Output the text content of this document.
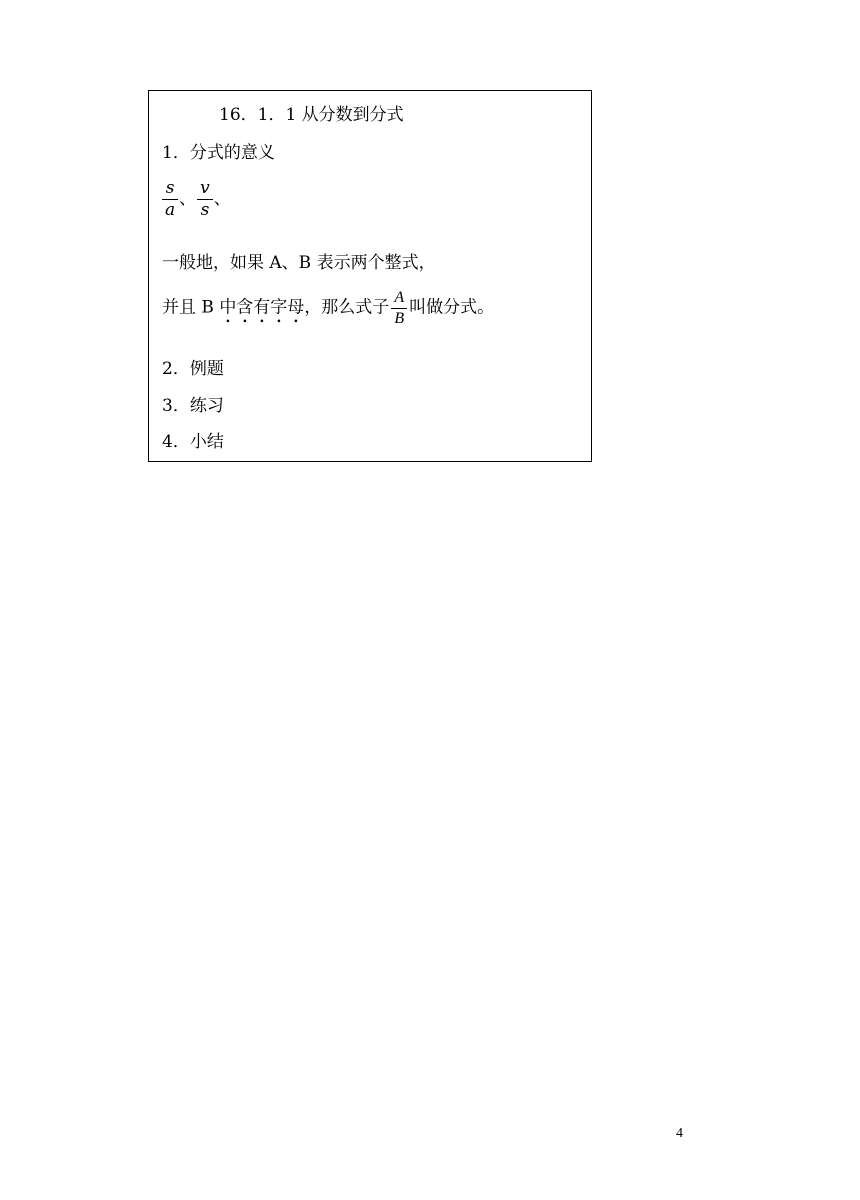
16．1．1 从分数到分式
1．分式的意义
$\frac{s}{a}$ 、 $\frac{v}{s}$ 、
一般地，如果 A、B 表示两个整式，
并且 B 中含有字母，那么式子 $\frac{A}{B}$ 叫做分式。
2．例题
3．练习
4．小结
4
